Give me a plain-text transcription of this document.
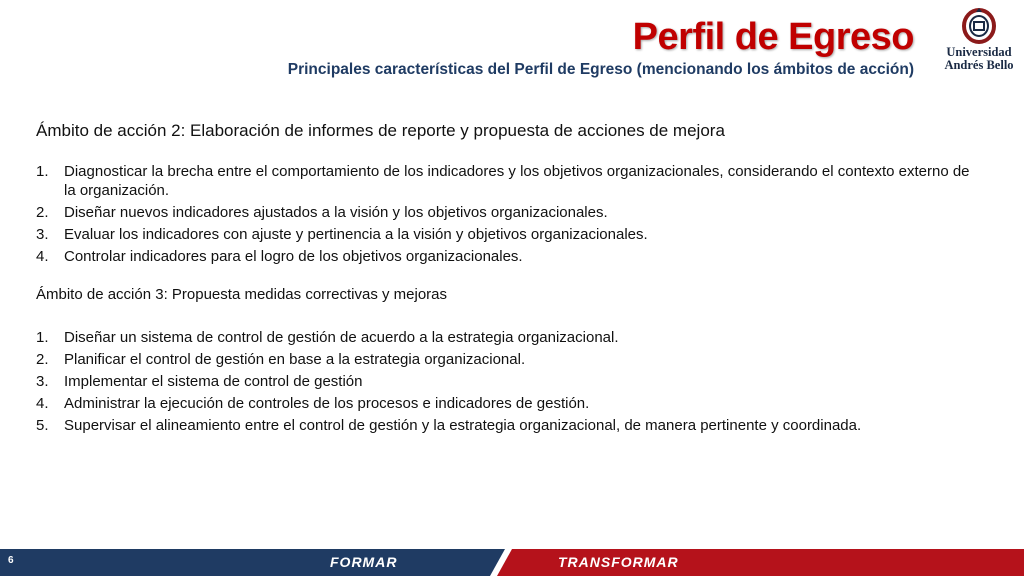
Perfil de Egreso
Principales características del Perfil de Egreso (mencionando los ámbitos de acción)
Universidad
Andrés Bello
Ámbito de acción 2: Elaboración de informes de reporte y propuesta de acciones de mejora
1.	Diagnosticar la brecha entre el comportamiento de los indicadores y los objetivos organizacionales, considerando el contexto externo de la organización.
2.	Diseñar nuevos indicadores ajustados a la visión y los objetivos organizacionales.
3.	Evaluar los indicadores con ajuste y pertinencia a la visión y objetivos organizacionales.
4.	Controlar indicadores para el logro de los objetivos organizacionales.
Ámbito de acción 3: Propuesta medidas correctivas y mejoras
1.	Diseñar un sistema de control de gestión de acuerdo a la estrategia organizacional.
2.	Planificar el control de gestión en base a la estrategia organizacional.
3.	Implementar el sistema de control de gestión
4.	Administrar la ejecución de controles de los procesos e indicadores de gestión.
5.	Supervisar el alineamiento entre el control de gestión y la estrategia organizacional, de manera pertinente y coordinada.
6	FORMAR	TRANSFORMAR
